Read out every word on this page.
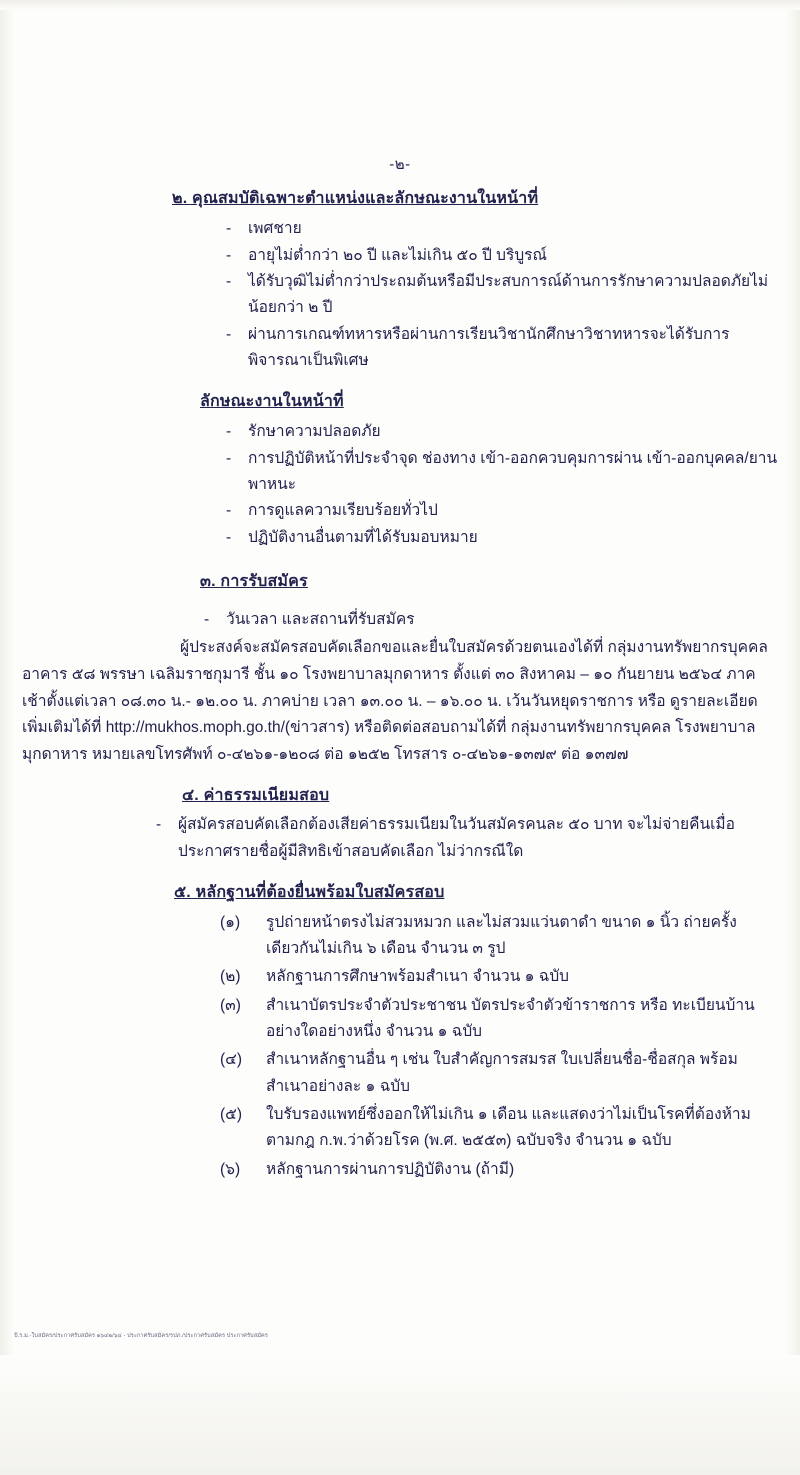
-๒-
๒. คุณสมบัติเฉพาะตำแหน่งและลักษณะงานในหน้าที่
- เพศชาย
- อายุไม่ต่ำกว่า ๒๐ ปี และไม่เกิน ๕๐ ปี บริบูรณ์
- ได้รับวุฒิไม่ต่ำกว่าประถมต้นหรือมีประสบการณ์ด้านการรักษาความปลอดภัยไม่น้อยกว่า ๒ ปี
- ผ่านการเกณฑ์ทหารหรือผ่านการเรียนวิชานักศึกษาวิชาทหารจะได้รับการพิจารณาเป็นพิเศษ
ลักษณะงานในหน้าที่
- รักษาความปลอดภัย
- การปฏิบัติหน้าที่ประจำจุด ช่องทาง เข้า-ออกควบคุมการผ่าน เข้า-ออกบุคคล/ยานพาหนะ
- การดูแลความเรียบร้อยทั่วไป
- ปฏิบัติงานอื่นตามที่ได้รับมอบหมาย
๓. การรับสมัคร
- วันเวลา และสถานที่รับสมัคร
ผู้ประสงค์จะสมัครสอบคัดเลือกขอและยื่นใบสมัครด้วยตนเองได้ที่ กลุ่มงานทรัพยากรบุคคล อาคาร ๕๘ พรรษา เฉลิมราชกุมารี ชั้น ๑๐ โรงพยาบาลมุกดาหาร ตั้งแต่ ๓๐ สิงหาคม – ๑๐ กันยายน ๒๕๖๔ ภาคเช้าตั้งแต่เวลา ๐๘.๓๐ น.- ๑๒.๐๐ น. ภาคบ่าย เวลา ๑๓.๐๐ น. – ๑๖.๐๐ น. เว้นวันหยุดราชการ หรือ ดูรายละเอียดเพิ่มเติมได้ที่ http://mukhos.moph.go.th/(ข่าวสาร) หรือติดต่อสอบถามได้ที่ กลุ่มงานทรัพยากรบุคคล โรงพยาบาลมุกดาหาร หมายเลขโทรศัพท์ ๐-๔๒๖๑-๑๒๐๘ ต่อ ๑๒๕๒ โทรสาร ๐-๔๒๖๑-๑๓๗๙ ต่อ ๑๓๗๗
๔. ค่าธรรมเนียมสอบ
- ผู้สมัครสอบคัดเลือกต้องเสียค่าธรรมเนียมในวันสมัครคนละ ๕๐ บาท จะไม่จ่ายคืนเมื่อประกาศรายชื่อผู้มีสิทธิเข้าสอบคัดเลือก ไม่ว่ากรณีใด
๕. หลักฐานที่ต้องยื่นพร้อมใบสมัครสอบ
(๑)	รูปถ่ายหน้าตรงไม่สวมหมวก และไม่สวมแว่นตาดำ ขนาด ๑ นิ้ว ถ่ายครั้งเดียวกันไม่เกิน ๖ เดือน จำนวน ๓ รูป
(๒)	หลักฐานการศึกษาพร้อมสำเนา จำนวน ๑ ฉบับ
(๓)	สำเนาบัตรประจำตัวประชาชน บัตรประจำตัวข้าราชการ หรือ ทะเบียนบ้านอย่างใดอย่างหนึ่ง จำนวน ๑ ฉบับ
(๔)	สำเนาหลักฐานอื่น ๆ เช่น ใบสำคัญการสมรส ใบเปลี่ยนชื่อ-ชื่อสกุล พร้อมสำเนาอย่างละ ๑ ฉบับ
(๕)	ใบรับรองแพทย์ซึ่งออกให้ไม่เกิน ๑ เดือน และแสดงว่าไม่เป็นโรคที่ต้องห้ามตามกฎ ก.พ.ว่าด้วยโรค (พ.ศ. ๒๕๕๓) ฉบับจริง จำนวน ๑ ฉบับ
(๖)	หลักฐานการผ่านการปฏิบัติงาน (ถ้ามี)
ป้.ร.ม.-ใบสมัคร/ประกาศรับสมัคร ๑๖๔๒/๖๔ - ประกาศรับสมัคร/รปภ./ประกาศรับสมัคร ประกาศรับสมัคร
